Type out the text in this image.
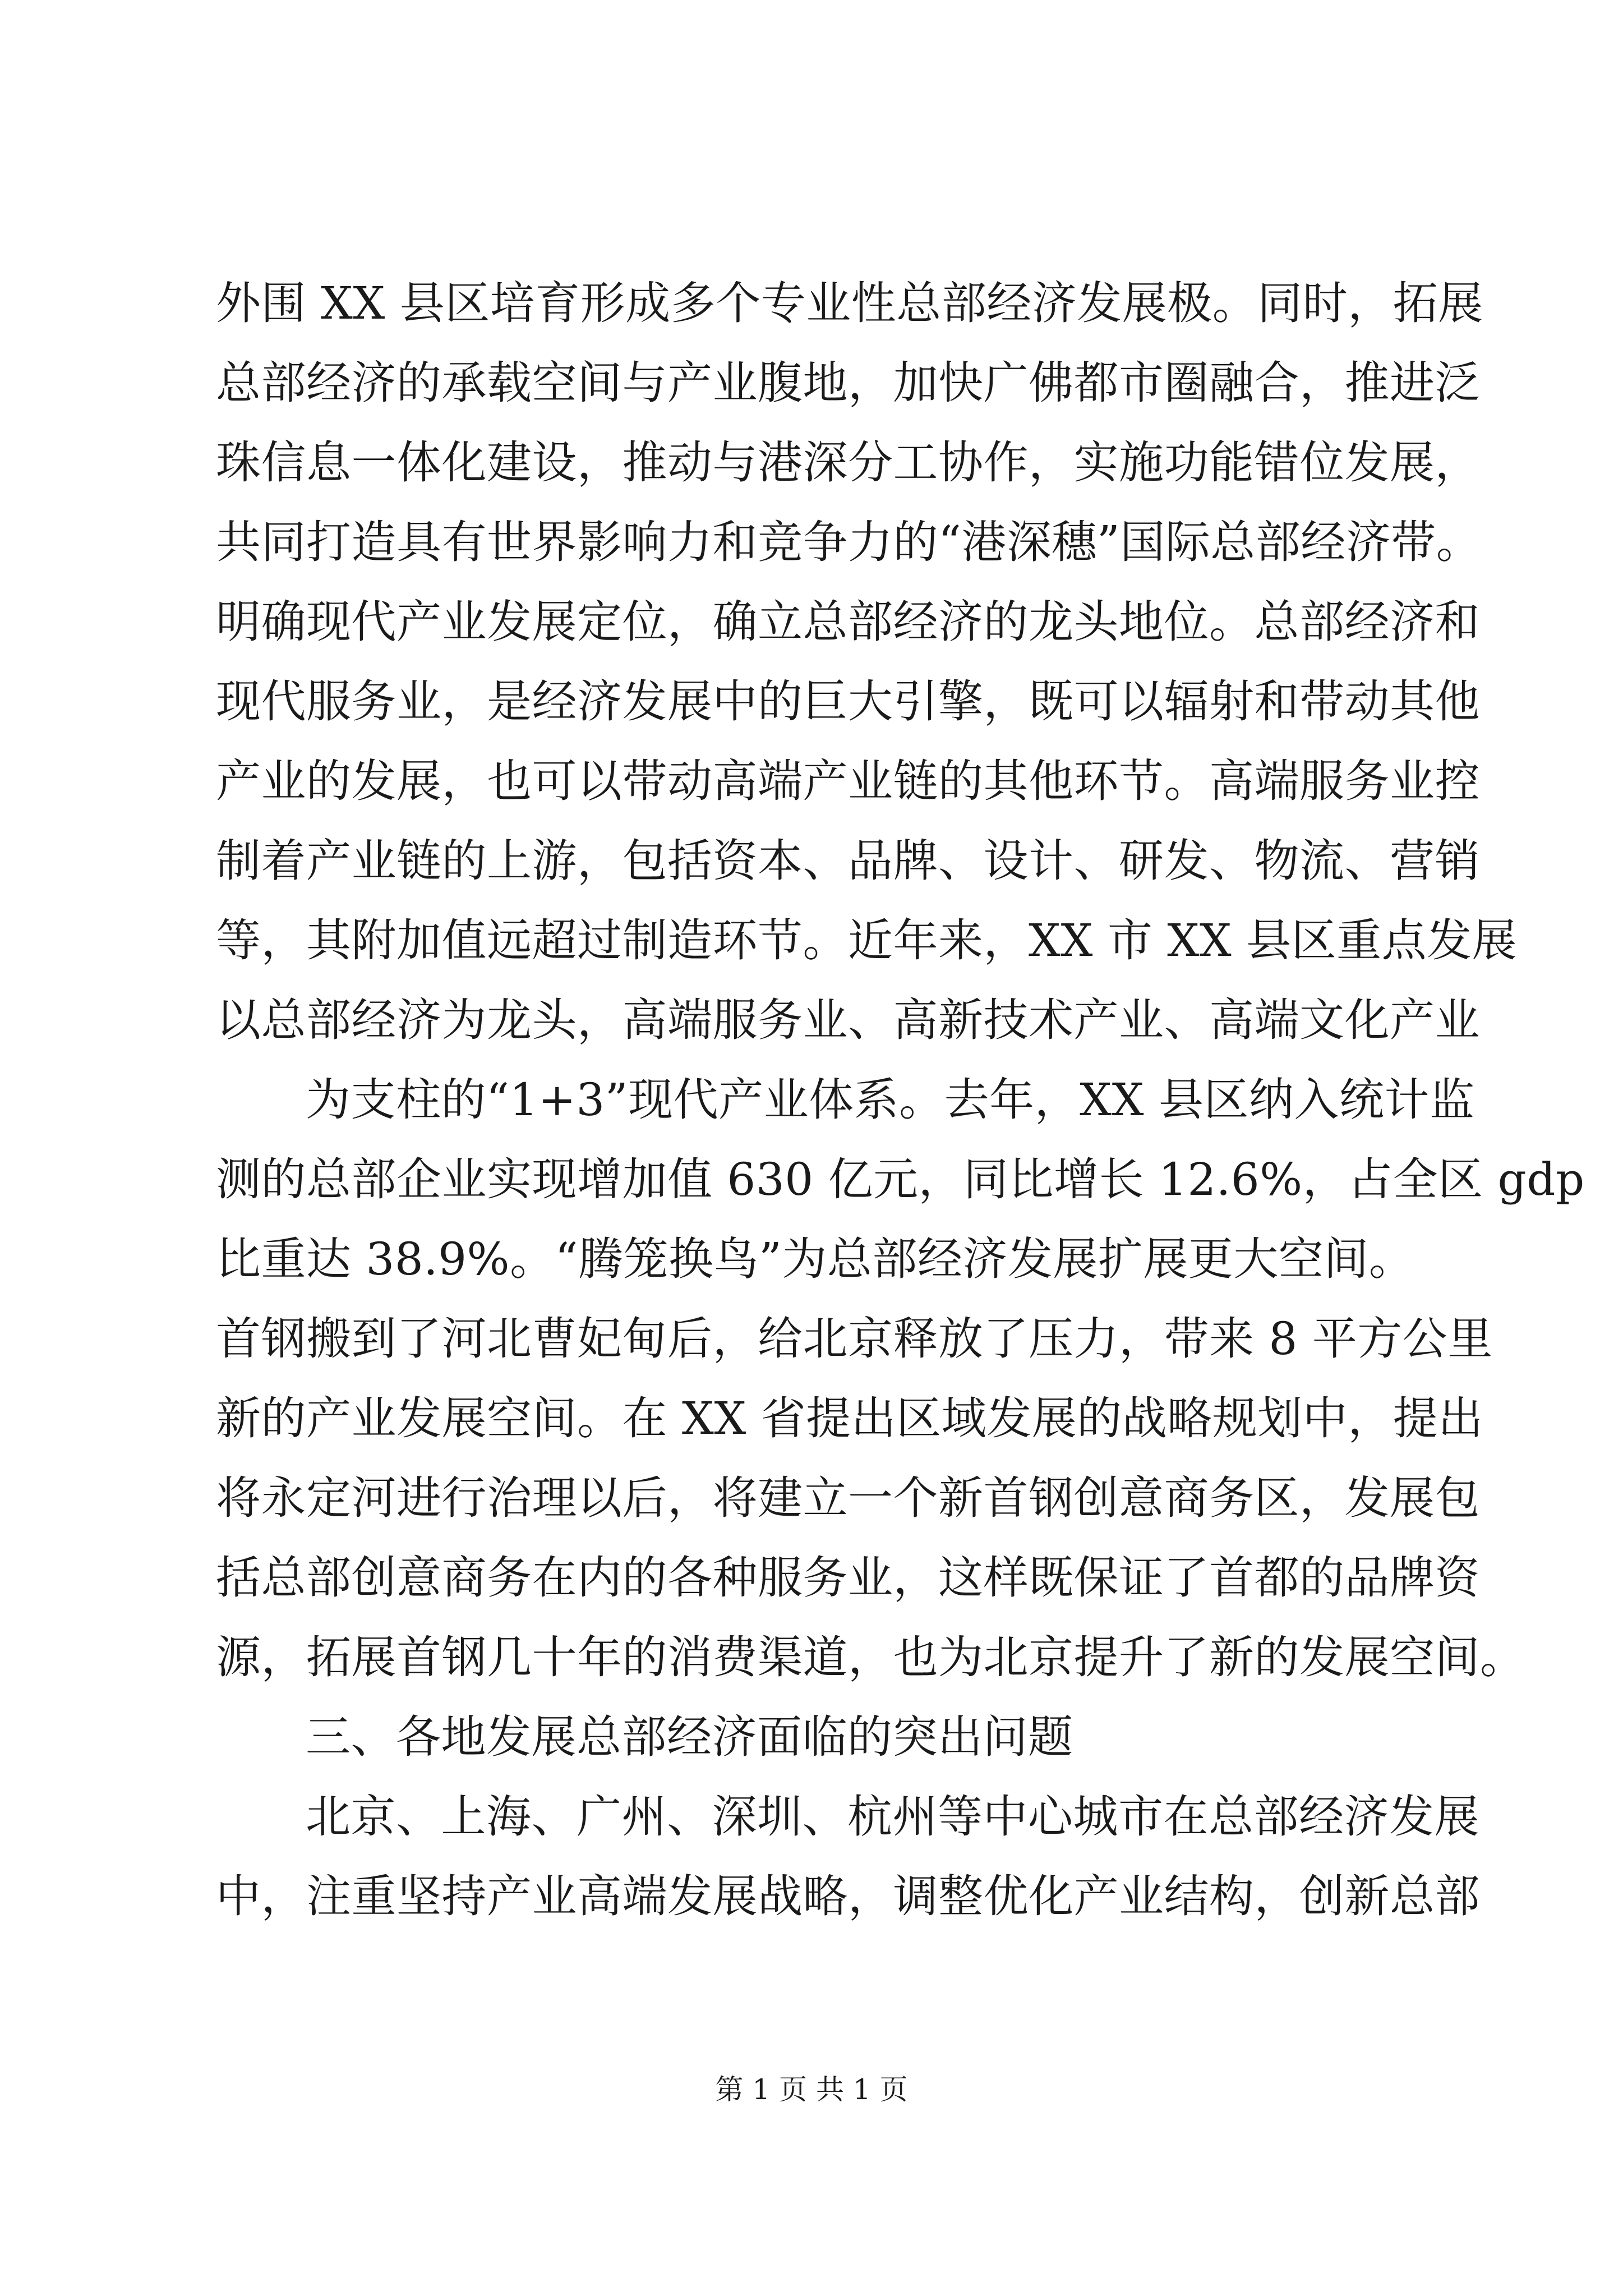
外围 XX 县区培育形成多个专业性总部经济发展极。同时，拓展
总部经济的承载空间与产业腹地，加快广佛都市圈融合，推进泛
珠信息一体化建设，推动与港深分工协作，实施功能错位发展，
共同打造具有世界影响力和竞争力的“港深穗”国际总部经济带。
明确现代产业发展定位，确立总部经济的龙头地位。总部经济和
现代服务业，是经济发展中的巨大引擎，既可以辐射和带动其他
产业的发展，也可以带动高端产业链的其他环节。高端服务业控
制着产业链的上游，包括资本、品牌、设计、研发、物流、营销
等，其附加值远超过制造环节。近年来，XX 市 XX 县区重点发展
以总部经济为龙头，高端服务业、高新技术产业、高端文化产业
为支柱的“1+3”现代产业体系。去年，XX 县区纳入统计监
测的总部企业实现增加值 630 亿元，同比增长 12.6%，占全区 gdp
比重达 38.9%。“腾笼换鸟”为总部经济发展扩展更大空间。
首钢搬到了河北曹妃甸后，给北京释放了压力，带来 8 平方公里
新的产业发展空间。在 XX 省提出区域发展的战略规划中，提出
将永定河进行治理以后，将建立一个新首钢创意商务区，发展包
括总部创意商务在内的各种服务业，这样既保证了首都的品牌资
源，拓展首钢几十年的消费渠道，也为北京提升了新的发展空间。
三、各地发展总部经济面临的突出问题
北京、上海、广州、深圳、杭州等中心城市在总部经济发展
中，注重坚持产业高端发展战略，调整优化产业结构，创新总部
第 1 页 共 1 页
